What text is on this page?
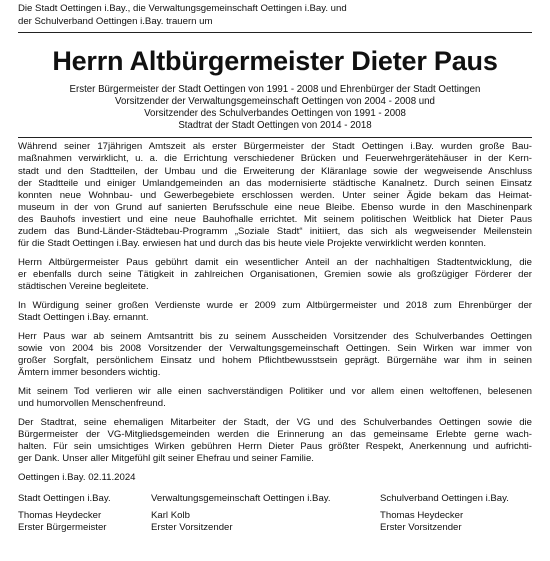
Die Stadt Oettingen i.Bay., die Verwaltungsgemeinschaft Oettingen i.Bay. und
der Schulverband Oettingen i.Bay. trauern um
Herrn Altbürgermeister Dieter Paus
Erster Bürgermeister der Stadt Oettingen von 1991 - 2008 und Ehrenbürger der Stadt Oettingen
Vorsitzender der Verwaltungsgemeinschaft Oettingen von 2004 - 2008 und
Vorsitzender des Schulverbandes Oettingen von 1991 - 2008
Stadtrat der Stadt Oettingen von 2014 - 2018
Während seiner 17jährigen Amtszeit als erster Bürgermeister der Stadt Oettingen i.Bay. wurden große Bau-
maßnahmen verwirklicht, u. a. die Errichtung verschiedener Brücken und Feuerwehrgerätehäuser in der Kern-
stadt und den Stadtteilen, der Umbau und die Erweiterung der Kläranlage sowie der wegweisende Anschluss
der Stadtteile und einiger Umlandgemeinden an das modernisierte städtische Kanalnetz. Durch seinen Einsatz
konnten neue Wohnbau- und Gewerbegebiete erschlossen werden. Unter seiner Ägide bekam das Heimat-
museum in der von Grund auf sanierten Berufsschule eine neue Bleibe. Ebenso wurde in den Maschinenpark
des Bauhofs investiert und eine neue Bauhofhalle errichtet. Mit seinem politischen Weitblick hat Dieter Paus
zudem das Bund-Länder-Städtebau-Programm „Soziale Stadt“ initiiert, das sich als wegweisender Meilenstein
für die Stadt Oettingen i.Bay. erwiesen hat und durch das bis heute viele Projekte verwirklicht werden konnten.
Herrn Altbürgermeister Paus gebührt damit ein wesentlicher Anteil an der nachhaltigen Stadtentwicklung, die
er ebenfalls durch seine Tätigkeit in zahlreichen Organisationen, Gremien sowie als großzügiger Förderer der
städtischen Vereine begleitete.
In Würdigung seiner großen Verdienste wurde er 2009 zum Altbürgermeister und 2018 zum Ehrenbürger der
Stadt Oettingen i.Bay. ernannt.
Herr Paus war ab seinem Amtsantritt bis zu seinem Ausscheiden Vorsitzender des Schulverbandes Oettingen
sowie von 2004 bis 2008 Vorsitzender der Verwaltungsgemeinschaft Oettingen. Sein Wirken war immer von
großer Sorgfalt, persönlichem Einsatz und hohem Pflichtbewusstsein geprägt. Bürgernähe war ihm in seinen
Ämtern immer besonders wichtig.
Mit seinem Tod verlieren wir alle einen sachverständigen Politiker und vor allem einen weltoffenen, belesenen
und humorvollen Menschenfreund.
Der Stadtrat, seine ehemaligen Mitarbeiter der Stadt, der VG und des Schulverbandes Oettingen sowie die
Bürgermeister der VG-Mitgliedsgemeinden werden die Erinnerung an das gemeinsame Erlebte gerne wach-
halten. Für sein umsichtiges Wirken gebühren Herrn Dieter Paus größter Respekt, Anerkennung und aufrichti-
ger Dank. Unser aller Mitgefühl gilt seiner Ehefrau und seiner Familie.
Oettingen i.Bay. 02.11.2024
Stadt Oettingen i.Bay.
Thomas Heydecker
Erster Bürgermeister
Verwaltungsgemeinschaft Oettingen i.Bay.
Karl Kolb
Erster Vorsitzender
Schulverband Oettingen i.Bay.
Thomas Heydecker
Erster Vorsitzender
